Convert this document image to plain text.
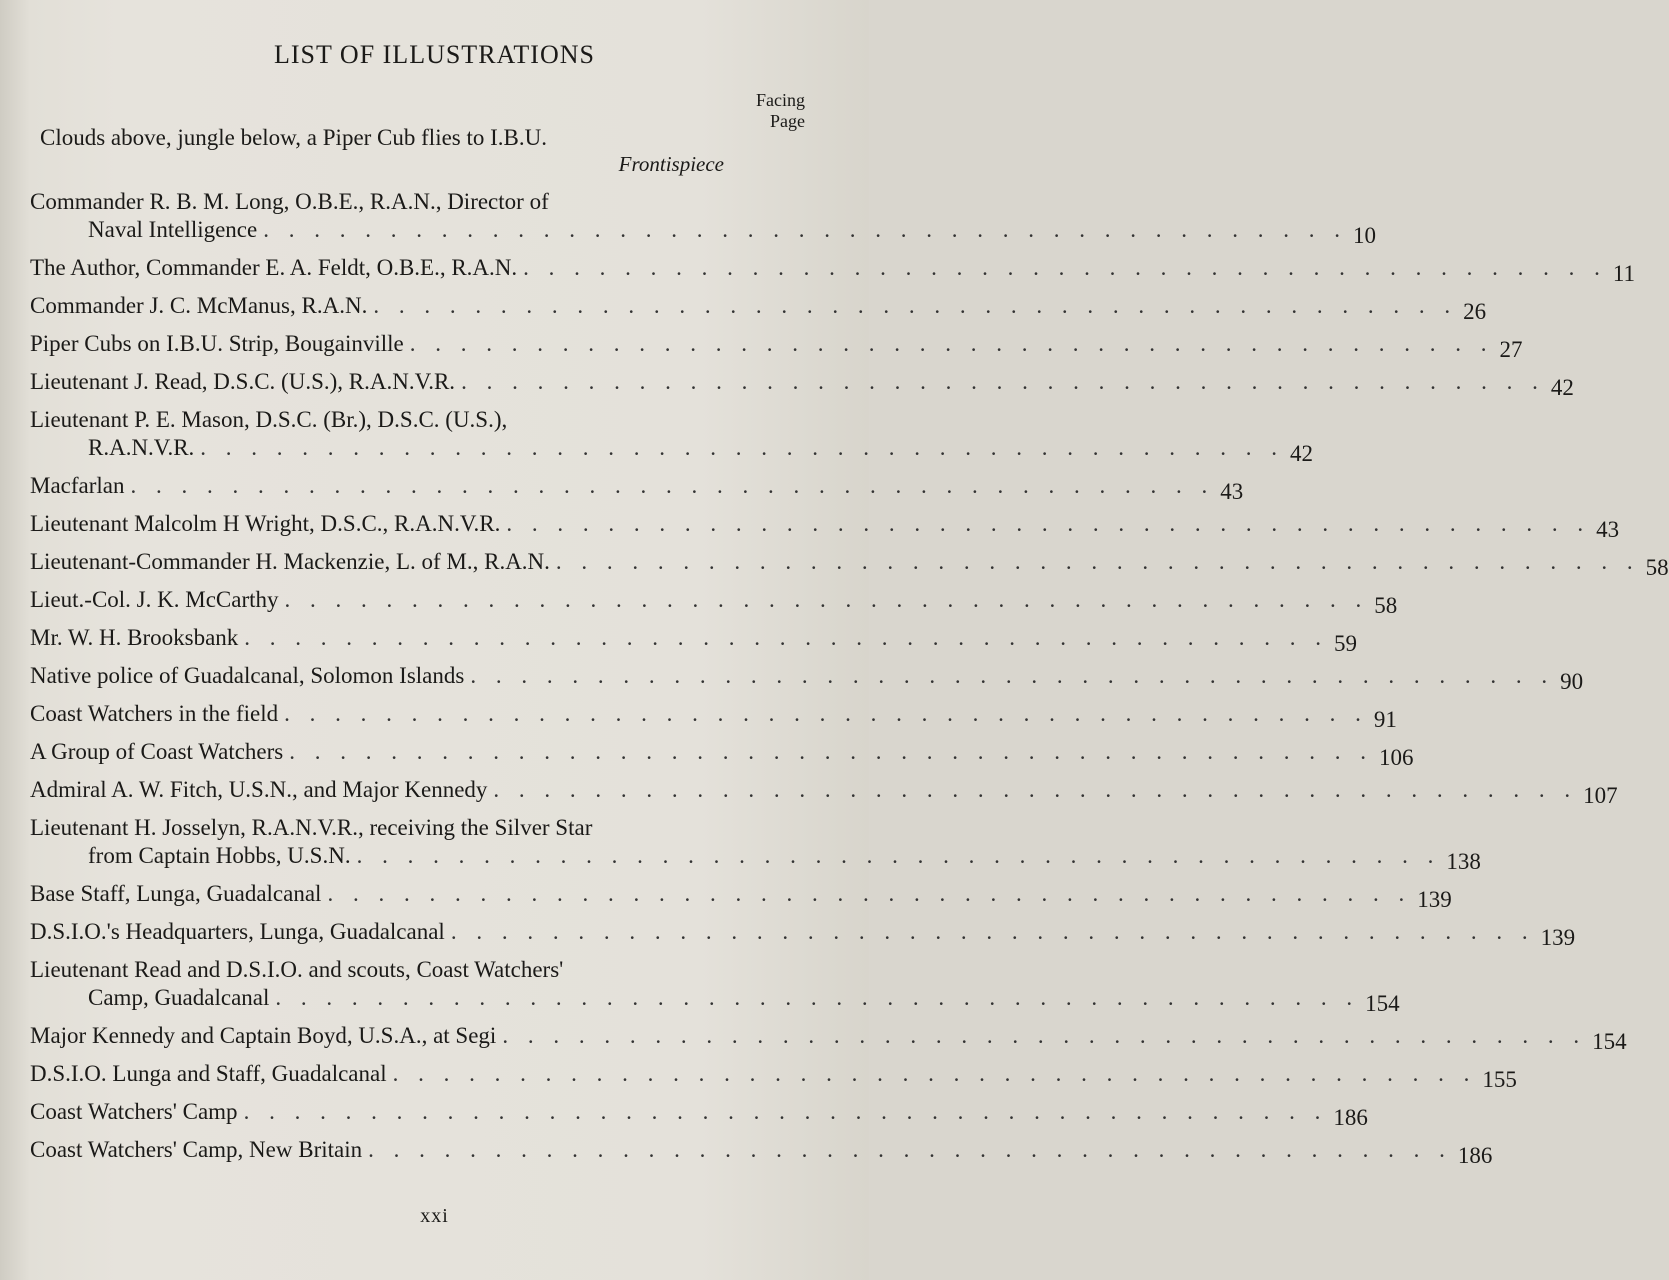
LIST OF ILLUSTRATIONS
Facing
Page
Clouds above, jungle below, a Piper Cub flies to I.B.U.
Frontispiece
Commander R. B. M. Long, O.B.E., R.A.N., Director of
Naval Intelligence . . . . . . . . . . . . . . . . . . . . . . . . . . . . . . . . . . . . . . . . . . . 10
The Author, Commander E. A. Feldt, O.B.E., R.A.N. . . . . . . . . . . . . . . . . . . . . . . . . . . . . . . . . . . . . . . . . . . . 11
Commander J. C. McManus, R.A.N. . . . . . . . . . . . . . . . . . . . . . . . . . . . . . . . . . . . . . . . . . . . 26
Piper Cubs on I.B.U. Strip, Bougainville . . . . . . . . . . . . . . . . . . . . . . . . . . . . . . . . . . . . . . . . . . . 27
Lieutenant J. Read, D.S.C. (U.S.), R.A.N.V.R. . . . . . . . . . . . . . . . . . . . . . . . . . . . . . . . . . . . . . . . . . . . 42
Lieutenant P. E. Mason, D.S.C. (Br.), D.S.C. (U.S.),
R.A.N.V.R. . . . . . . . . . . . . . . . . . . . . . . . . . . . . . . . . . . . . . . . . . . . 42
Macfarlan . . . . . . . . . . . . . . . . . . . . . . . . . . . . . . . . . . . . . . . . . . . 43
Lieutenant Malcolm H Wright, D.S.C., R.A.N.V.R. . . . . . . . . . . . . . . . . . . . . . . . . . . . . . . . . . . . . . . . . . . . 43
Lieutenant-Commander H. Mackenzie, L. of M., R.A.N. . . . . . . . . . . . . . . . . . . . . . . . . . . . . . . . . . . . . . . . . . . . 58
Lieut.-Col. J. K. McCarthy . . . . . . . . . . . . . . . . . . . . . . . . . . . . . . . . . . . . . . . . . . . 58
Mr. W. H. Brooksbank . . . . . . . . . . . . . . . . . . . . . . . . . . . . . . . . . . . . . . . . . . . 59
Native police of Guadalcanal, Solomon Islands . . . . . . . . . . . . . . . . . . . . . . . . . . . . . . . . . . . . . . . . . . . 90
Coast Watchers in the field . . . . . . . . . . . . . . . . . . . . . . . . . . . . . . . . . . . . . . . . . . . 91
A Group of Coast Watchers . . . . . . . . . . . . . . . . . . . . . . . . . . . . . . . . . . . . . . . . . . . 106
Admiral A. W. Fitch, U.S.N., and Major Kennedy . . . . . . . . . . . . . . . . . . . . . . . . . . . . . . . . . . . . . . . . . . . 107
Lieutenant H. Josselyn, R.A.N.V.R., receiving the Silver Star
from Captain Hobbs, U.S.N. . . . . . . . . . . . . . . . . . . . . . . . . . . . . . . . . . . . . . . . . . . . 138
Base Staff, Lunga, Guadalcanal . . . . . . . . . . . . . . . . . . . . . . . . . . . . . . . . . . . . . . . . . . . 139
D.S.I.O.'s Headquarters, Lunga, Guadalcanal . . . . . . . . . . . . . . . . . . . . . . . . . . . . . . . . . . . . . . . . . . . 139
Lieutenant Read and D.S.I.O. and scouts, Coast Watchers'
Camp, Guadalcanal . . . . . . . . . . . . . . . . . . . . . . . . . . . . . . . . . . . . . . . . . . . 154
Major Kennedy and Captain Boyd, U.S.A., at Segi . . . . . . . . . . . . . . . . . . . . . . . . . . . . . . . . . . . . . . . . . . . 154
D.S.I.O. Lunga and Staff, Guadalcanal . . . . . . . . . . . . . . . . . . . . . . . . . . . . . . . . . . . . . . . . . . . 155
Coast Watchers' Camp . . . . . . . . . . . . . . . . . . . . . . . . . . . . . . . . . . . . . . . . . . . 186
Coast Watchers' Camp, New Britain . . . . . . . . . . . . . . . . . . . . . . . . . . . . . . . . . . . . . . . . . . . 186
xxi
